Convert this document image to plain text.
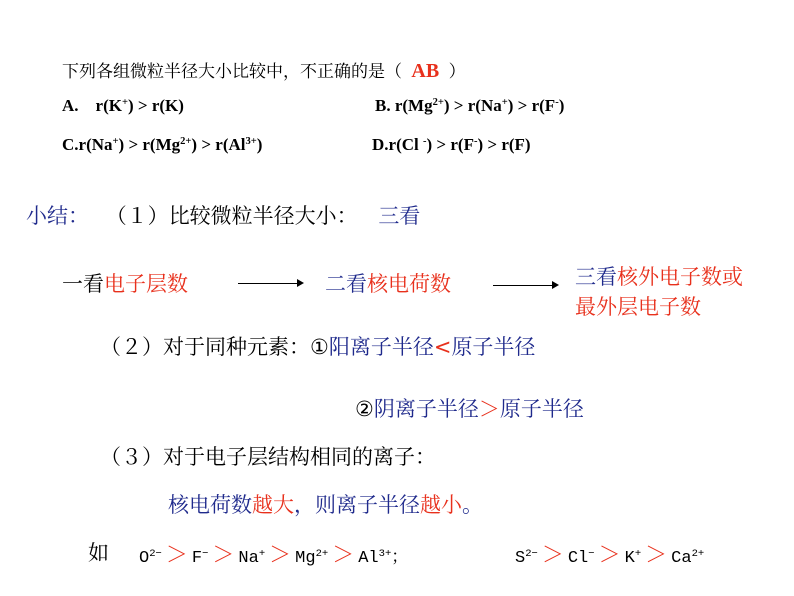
下列各组微粒半径大小比较中，不正确的是（ AB ）
A. r(K+) > r(K)	B. $r(Mg^{2+}) > r(Na^+) > r(F^-)$
$C.r(Na^+) > r(Mg^{2+}) > r(Al^{3+})$	D.r(Cl -) > r(F-) > r(F)
小结： （１）比较微粒半径大小： 三看
一看电子层数	二看核电荷数	三看核外电子数或
最外层电子数
（２）对于同种元素：①阳离子半径<原子半径
②阴离子半径＞原子半径
（３）对于电子层结构相同的离子：
核电荷数越大，则离子半径越小。
如 $O^{2-} > F^- > Na^+ > Mg^{2+} > Al^{3+}$；	$S^{2-} > Cl^- > K^+ > Ca^{2+}$
